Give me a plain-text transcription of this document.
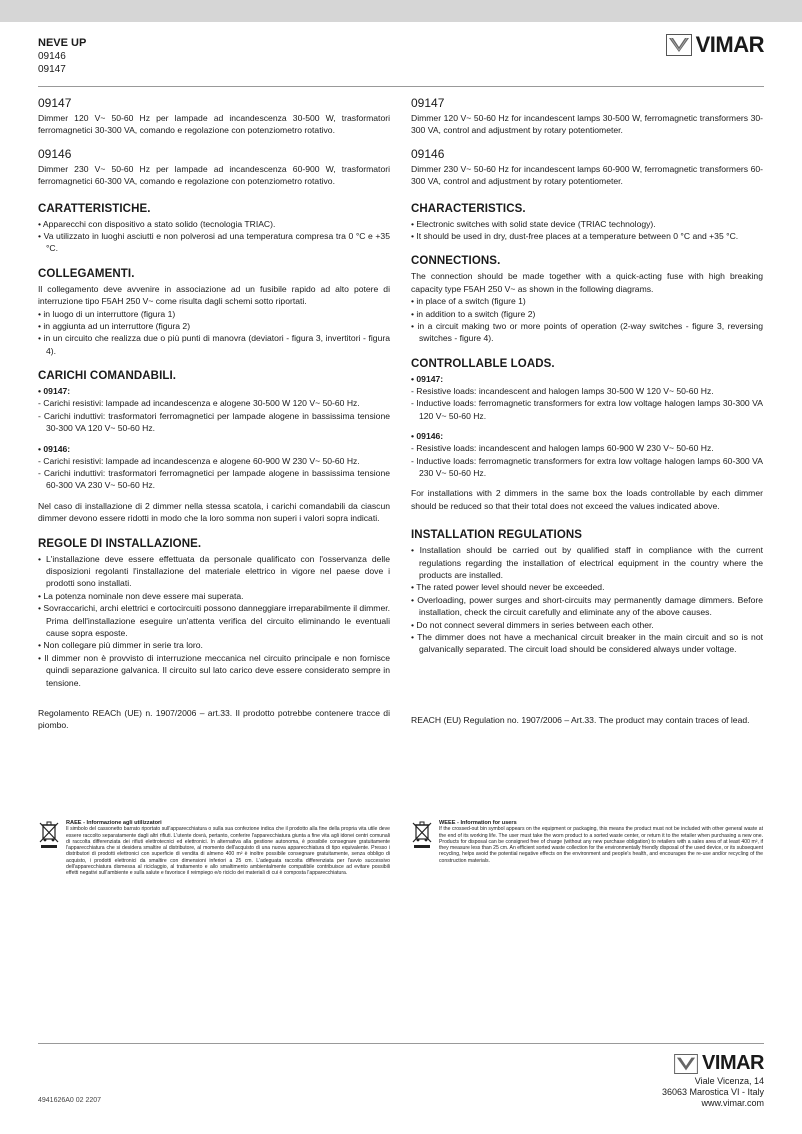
NEVE UP
09146
09147
VIMAR
09147

Dimmer 120 V~ 50-60 Hz per lampade ad incandescenza 30-500 W, trasformatori ferromagnetici 30-300 VA, comando e regolazione con potenziometro rotativo.

09146

Dimmer 230 V~ 50-60 Hz per lampade ad incandescenza 60-900 W, trasformatori ferromagnetici 60-300 VA, comando e regolazione con potenziometro rotativo.

CARATTERISTICHE.
• Apparecchi con dispositivo a stato solido (tecnologia TRIAC).
• Va utilizzato in luoghi asciutti e non polverosi ad una temperatura compresa tra 0 °C e +35 °C.
COLLEGAMENTI.

Il collegamento deve avvenire in associazione ad un fusibile rapido ad alto potere di interruzione tipo F5AH 250 V~ come risulta dagli schemi sotto riportati.

• in luogo di un interruttore (figura 1)
• in aggiunta ad un interruttore (figura 2)
• in un circuito che realizza due o più punti di manovra (deviatori - figura 3, invertitori - figura 4).
CARICHI COMANDABILI.
• 09147:
- Carichi resistivi: lampade ad incandescenza e alogene 30-500 W 120 V~ 50-60 Hz.
- Carichi induttivi: trasformatori ferromagnetici per lampade alogene in bassissima tensione 30-300 VA 120 V~ 50-60 Hz.
• 09146:
- Carichi resistivi: lampade ad incandescenza e alogene 60-900 W 230 V~ 50-60 Hz.
- Carichi induttivi: trasformatori ferromagnetici per lampade alogene in bassissima tensione 60-300 VA 230 V~ 50-60 Hz.

Nel caso di installazione di 2 dimmer nella stessa scatola, i carichi comandabili da ciascun dimmer devono essere ridotti in modo che la loro somma non superi i valori sopra indicati.

REGOLE DI INSTALLAZIONE.
• L'installazione deve essere effettuata da personale qualificato con l'osservanza delle disposizioni regolanti l'installazione del materiale elettrico in vigore nel paese dove i prodotti sono installati.
• La potenza nominale non deve essere mai superata.
• Sovraccarichi, archi elettrici e cortocircuiti possono danneggiare irreparabilmente il dimmer. Prima dell'installazione eseguire un'attenta verifica del circuito eliminando le eventuali cause sopra esposte.
• Non collegare più dimmer in serie tra loro.
• Il dimmer non è provvisto di interruzione meccanica nel circuito principale e non fornisce quindi separazione galvanica. Il circuito sul lato carico deve essere considerato sempre in tensione.

Regolamento REACh (UE) n. 1907/2006 – art.33. Il prodotto potrebbe contenere tracce di piombo.

09147

Dimmer 120 V~ 50-60 Hz for incandescent lamps 30-500 W, ferromagnetic transformers 30-300 VA, control and adjustment by rotary potentiometer.

09146

Dimmer 230 V~ 50-60 Hz for incandescent lamps 60-900 W, ferromagnetic transformers 60-300 VA, control and adjustment by rotary potentiometer.

CHARACTERISTICS.
• Electronic switches with solid state device (TRIAC technology).
• It should be used in dry, dust-free places at a temperature between 0 °C and +35 °C.
CONNECTIONS.

The connection should be made together with a quick-acting fuse with high breaking capacity type F5AH 250 V~ as shown in the following diagrams.

• in place of a switch (figure 1)
• in addition to a switch (figure 2)
• in a circuit making two or more points of operation (2-way switches - figure 3, reversing switches - figure 4).
CONTROLLABLE LOADS.
• 09147:
- Resistive loads: incandescent and halogen lamps 30-500 W 120 V~ 50-60 Hz.
- Inductive loads: ferromagnetic transformers for extra low voltage halogen lamps 30-300 VA 120 V~ 50-60 Hz.
• 09146:
- Resistive loads: incandescent and halogen lamps 60-900 W 230 V~ 50-60 Hz.
- Inductive loads: ferromagnetic transformers for extra low voltage halogen lamps 60-300 VA 230 V~ 50-60 Hz.

For installations with 2 dimmers in the same box the loads controllable by each dimmer should be reduced so that their total does not exceed the values indicated above.

INSTALLATION REGULATIONS
• Installation should be carried out by qualified staff in compliance with the current regulations regarding the installation of electrical equipment in the country where the products are installed.
• The rated power level should never be exceeded.
• Overloading, power surges and short-circuits may permanently damage dimmers. Before installation, check the circuit carefully and eliminate any of the above causes.
• Do not connect several dimmers in series between each other.
• The dimmer does not have a mechanical circuit breaker in the main circuit and so is not galvanically separated. The circuit load should be considered always under voltage.

REACH (EU) Regulation no. 1907/2006 – Art.33. The product may contain traces of lead.

RAEE - Informazione agli utilizzatori
Il simbolo del cassonetto barrato riportato sull'apparecchiatura o sulla sua confezione indica che il prodotto alla fine della propria vita utile deve essere raccolto separatamente dagli altri rifiuti. L'utente dovrà, pertanto, conferire l'apparecchiatura giunta a fine vita agli idonei centri comunali di raccolta differenziata dei rifiuti elettrotecnici ed elettronici. In alternativa alla gestione autonoma, è possibile consegnare gratuitamente l'apparecchiatura che si desidera smaltire al distributore, al momento dell'acquisto di una nuova apparecchiatura di tipo equivalente. Presso i distributori di prodotti elettronici con superficie di vendita di almeno 400 m² è inoltre possibile consegnare gratuitamente, senza obbligo di acquisto, i prodotti elettronici da smaltire con dimensioni inferiori a 25 cm. L'adeguata raccolta differenziata per l'avvio successivo dell'apparecchiatura dismessa al riciclaggio, al trattamento e allo smaltimento ambientalmente compatibile contribuisce ad evitare possibili effetti negativi sull'ambiente e sulla salute e favorisce il reimpiego e/o riciclo dei materiali di cui è composta l'apparecchiatura.
WEEE - Information for users
If the crossed-out bin symbol appears on the equipment or packaging, this means the product must not be included with other general waste at the end of its working life. The user must take the worn product to a sorted waste center, or return it to the retailer when purchasing a new one. Products for disposal can be consigned free of charge (without any new purchase obligation) to retailers with a sales area of at least 400 m², if they measure less than 25 cm. An efficient sorted waste collection for the environmentally friendly disposal of the used device, or its subsequent recycling, helps avoid the potential negative effects on the environment and people's health, and encourages the re-use and/or recycling of the construction materials.
VIMAR
Viale Vicenza, 14
36063 Marostica VI - Italy
www.vimar.com
4941626A0 02 2207
